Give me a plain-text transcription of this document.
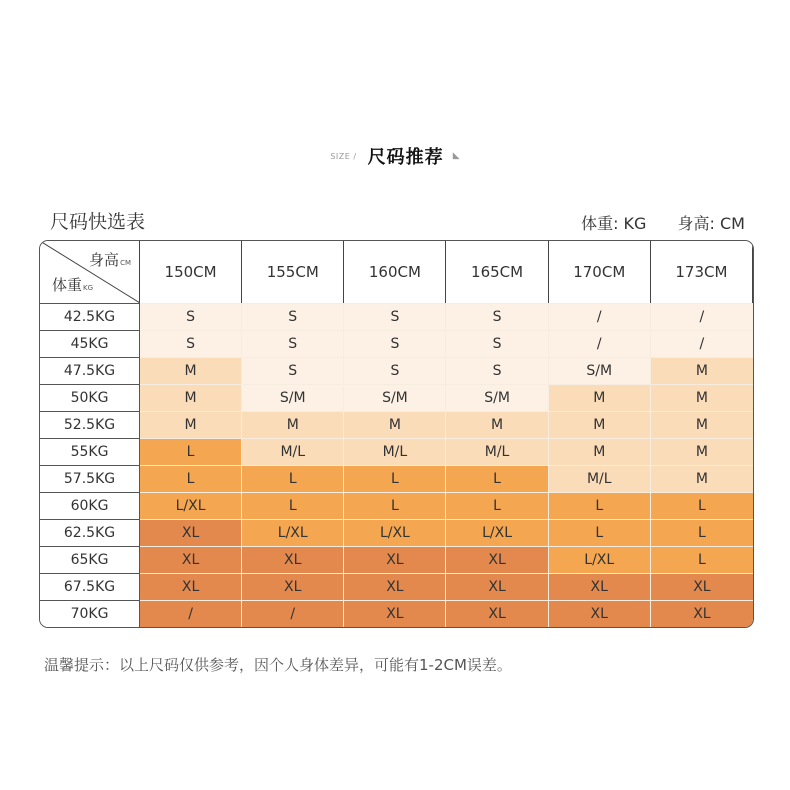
SIZE / 尺码推荐 ◣
尺码快选表	体重: KG 身高: CM
身高CM
体重KG
150CM	155CM	160CM	165CM	170CM	173CM
42.5KG	S	S	S	S	/	/
45KG	S	S	S	S	/	/
47.5KG	M	S	S	S	S/M	M
50KG	M	S/M	S/M	S/M	M	M
52.5KG	M	M	M	M	M	M
55KG	L	M/L	M/L	M/L	M	M
57.5KG	L	L	L	L	M/L	M
60KG	L/XL	L	L	L	L	L
62.5KG	XL	L/XL	L/XL	L/XL	L	L
65KG	XL	XL	XL	XL	L/XL	L
67.5KG	XL	XL	XL	XL	XL	XL
70KG	/	/	XL	XL	XL	XL
温馨提示：以上尺码仅供参考，因个人身体差异，可能有1-2CM误差。
